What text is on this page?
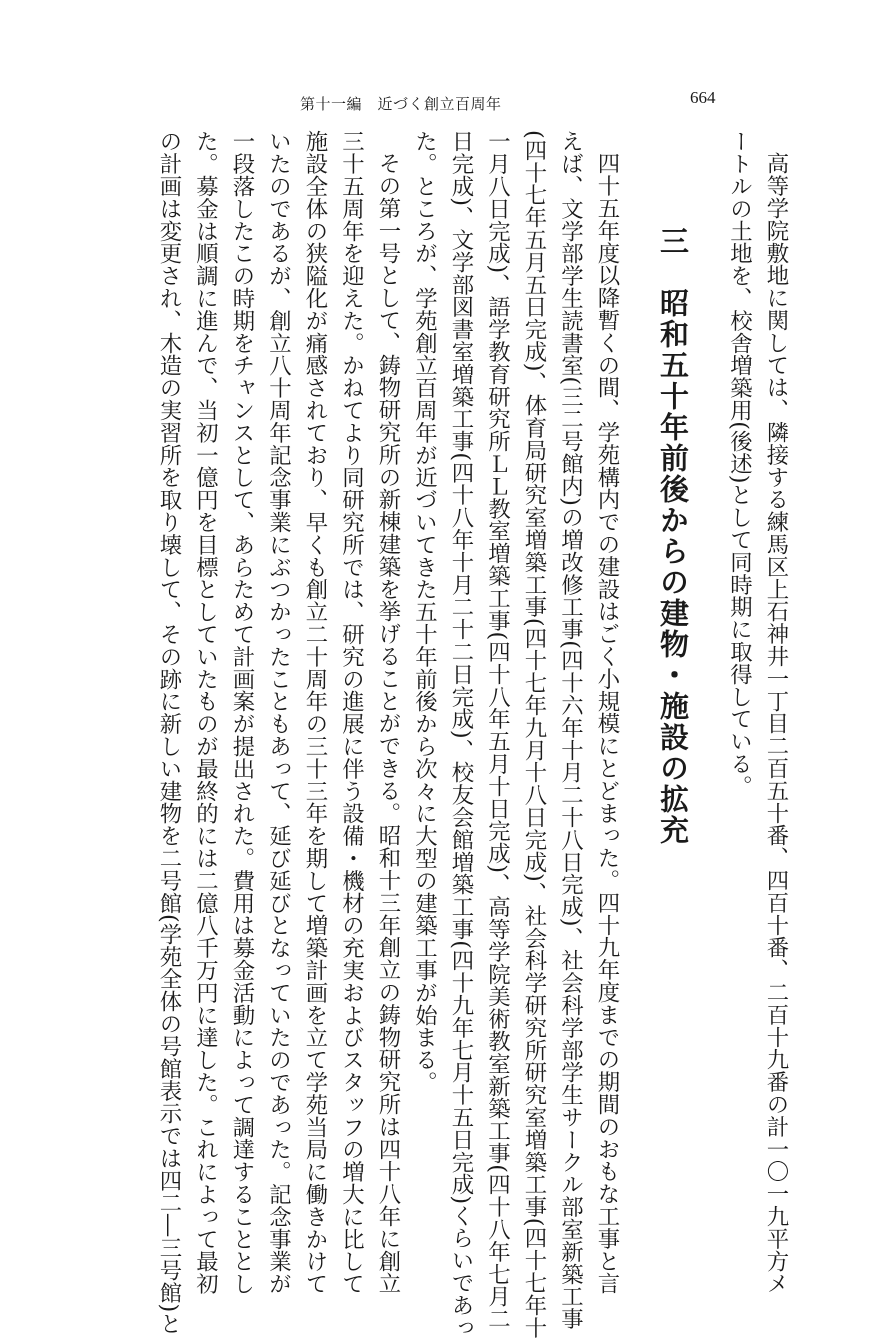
第十一編　近づく創立百周年	664

高等学院敷地に関しては、隣接する練馬区上石神井一丁目二百五十番、四百十番、二百十九番の計一〇一九平方メ

ートルの土地を、校舎増築用(後述)として同時期に取得している。

三　昭和五十年前後からの建物・施設の拡充

四十五年度以降暫くの間、学苑構内での建設はごく小規模にとどまった。四十九年度までの期間のおもな工事と言

えば、文学部学生読書室(三二号館内)の増改修工事(四十六年十月二十八日完成)、社会科学部学生サークル部室新築工事

(四十七年五月五日完成)、体育局研究室増築工事(四十七年九月十八日完成)、社会科学研究所研究室増築工事(四十七年十

一月八日完成)、語学教育研究所ＬＬ教室増築工事(四十八年五月十日完成)、高等学院美術教室新築工事(四十八年七月二

日完成)、文学部図書室増築工事(四十八年十月二十二日完成)、校友会館増築工事(四十九年七月十五日完成)くらいであっ

た。ところが、学苑創立百周年が近づいてきた五十年前後から次々に大型の建築工事が始まる。

その第一号として、鋳物研究所の新棟建築を挙げることができる。昭和十三年創立の鋳物研究所は四十八年に創立

三十五周年を迎えた。かねてより同研究所では、研究の進展に伴う設備・機材の充実およびスタッフの増大に比して

施設全体の狭隘化が痛感されており、早くも創立二十周年の三十三年を期して増築計画を立て学苑当局に働きかけて

いたのであるが、創立八十周年記念事業にぶつかったこともあって、延び延びとなっていたのであった。記念事業が

一段落したこの時期をチャンスとして、あらためて計画案が提出された。費用は募金活動によって調達することとし

た。募金は順調に進んで、当初一億円を目標としていたものが最終的には二億八千万円に達した。これによって最初

の計画は変更され、木造の実習所を取り壊して、その跡に新しい建物を二号館(学苑全体の号館表示では四二―三号館)と
